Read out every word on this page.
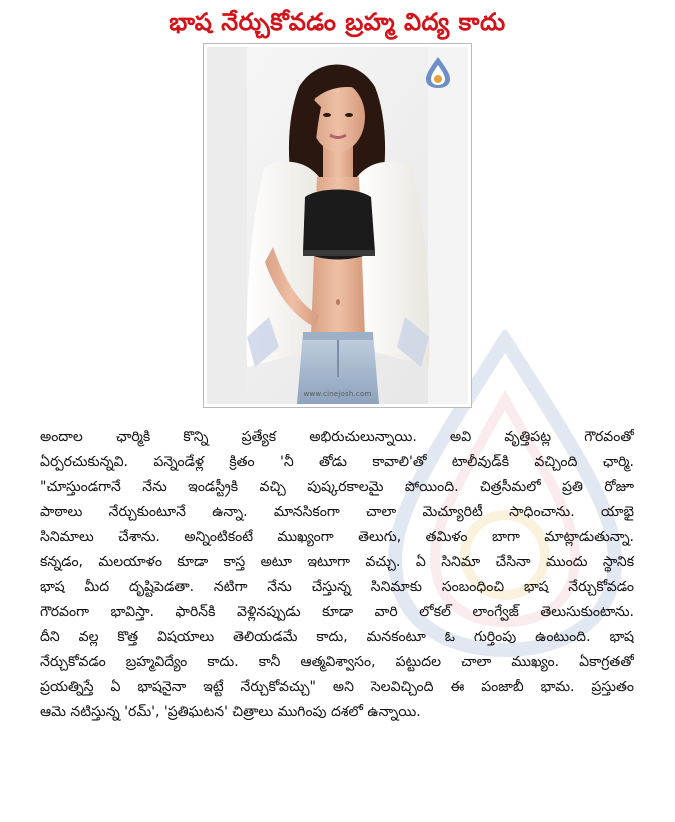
భాష నేర్చుకోవడం బ్రహ్మ విద్య కాదు
www.cinejosh.com
అందాల ఛార్మికి కొన్ని ప్రత్యేక అభిరుచులున్నాయి. అవి వృత్తిపట్ల గౌరవంతో
ఏర్పరచుకున్నవి. పన్నెండేళ్ల క్రితం 'నీ తోడు కావాలి'తో టాలీవుడ్‌కి వచ్చింది ఛార్మి.
"చూస్తుండగానే నేను ఇండస్ట్రీకి వచ్చి పుష్కరకాలమై పోయింది. చిత్రసీమలో ప్రతి రోజూ
పాఠాలు నేర్చుకుంటూనే ఉన్నా. మానసికంగా చాలా మెచ్యూరిటీ సాధించాను. యాభై
సినిమాలు చేశాను. అన్నింటికంటే ముఖ్యంగా తెలుగు, తమిళం బాగా మాట్లాడుతున్నా.
కన్నడం, మలయాళం కూడా కాస్త అటూ ఇటూగా వచ్చు. ఏ సినిమా చేసినా ముందు స్థానిక
భాష మీద దృష్టిపెడతా. నటిగా నేను చేస్తున్న సినిమాకు సంబంధించి భాష నేర్చుకోవడం
గౌరవంగా భావిస్తా. ఫారిన్‌కి వెళ్లినప్పుడు కూడా వారి లోకల్ లాంగ్వేజ్ తెలుసుకుంటాను.
దీని వల్ల కొత్త విషయాలు తెలియడమే కాదు, మనకంటూ ఓ గుర్తింపు ఉంటుంది. భాష
నేర్చుకోవడం బ్రహ్మవిద్యేం కాదు. కానీ ఆత్మవిశ్వాసం, పట్టుదల చాలా ముఖ్యం. ఏకాగ్రతతో
ప్రయత్నిస్తే ఏ భాషనైనా ఇట్టే నేర్చుకోవచ్చు" అని సెలవిచ్చింది ఈ పంజాబీ భామ. ప్రస్తుతం
ఆమె నటిస్తున్న 'రమ్', 'ప్రతిఘటన' చిత్రాలు ముగింపు దశలో ఉన్నాయి.
